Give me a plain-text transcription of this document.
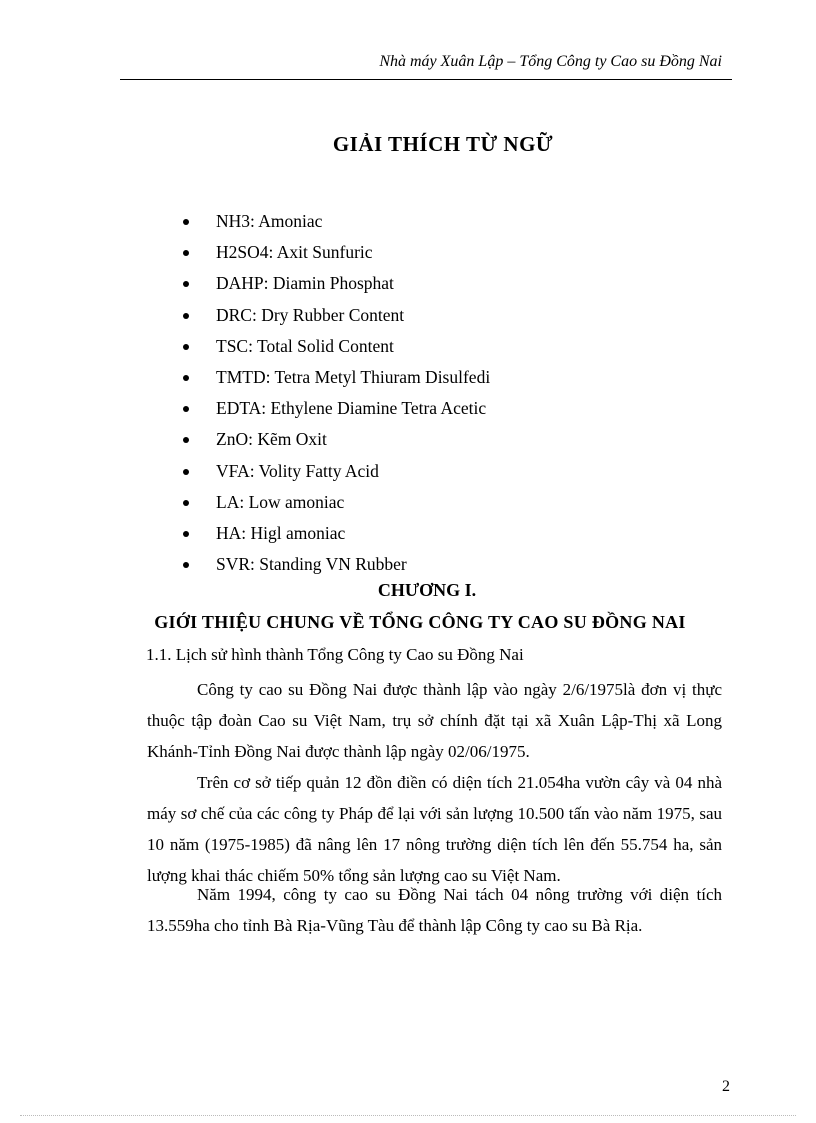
Nhà máy Xuân Lập – Tổng Công ty Cao su Đồng Nai
GIẢI THÍCH TỪ NGỮ
NH3: Amoniac
H2SO4: Axit Sunfuric
DAHP: Diamin Phosphat
DRC: Dry Rubber Content
TSC: Total Solid Content
TMTD: Tetra Metyl Thiuram Disulfedi
EDTA: Ethylene Diamine Tetra Acetic
ZnO: Kẽm Oxit
VFA: Volity Fatty Acid
LA: Low amoniac
HA: Higl amoniac
SVR: Standing VN Rubber
CHƯƠNG I.
GIỚI THIỆU CHUNG VỀ TỔNG CÔNG TY CAO SU ĐỒNG NAI
1.1. Lịch sử hình thành Tổng Công ty Cao su Đồng Nai

Công ty cao su Đồng Nai được thành lập vào ngày 2/6/1975là đơn vị thực thuộc tập đoàn Cao su Việt Nam, trụ sở chính đặt tại xã Xuân Lập-Thị xã Long Khánh-Tỉnh Đồng Nai được thành lập ngày 02/06/1975.

Trên cơ sở tiếp quản 12 đồn điền có diện tích 21.054ha vườn cây và 04 nhà máy sơ chế của các công ty Pháp để lại với sản lượng 10.500 tấn vào năm 1975, sau 10 năm (1975-1985) đã nâng lên 17 nông trường diện tích lên đến 55.754 ha, sản lượng khai thác chiếm 50% tổng sản lượng cao su Việt Nam.

Năm 1994, công ty cao su Đồng Nai tách 04 nông trường với diện tích 13.559ha cho tỉnh Bà Rịa-Vũng Tàu để thành lập Công ty cao su Bà Rịa.

2
